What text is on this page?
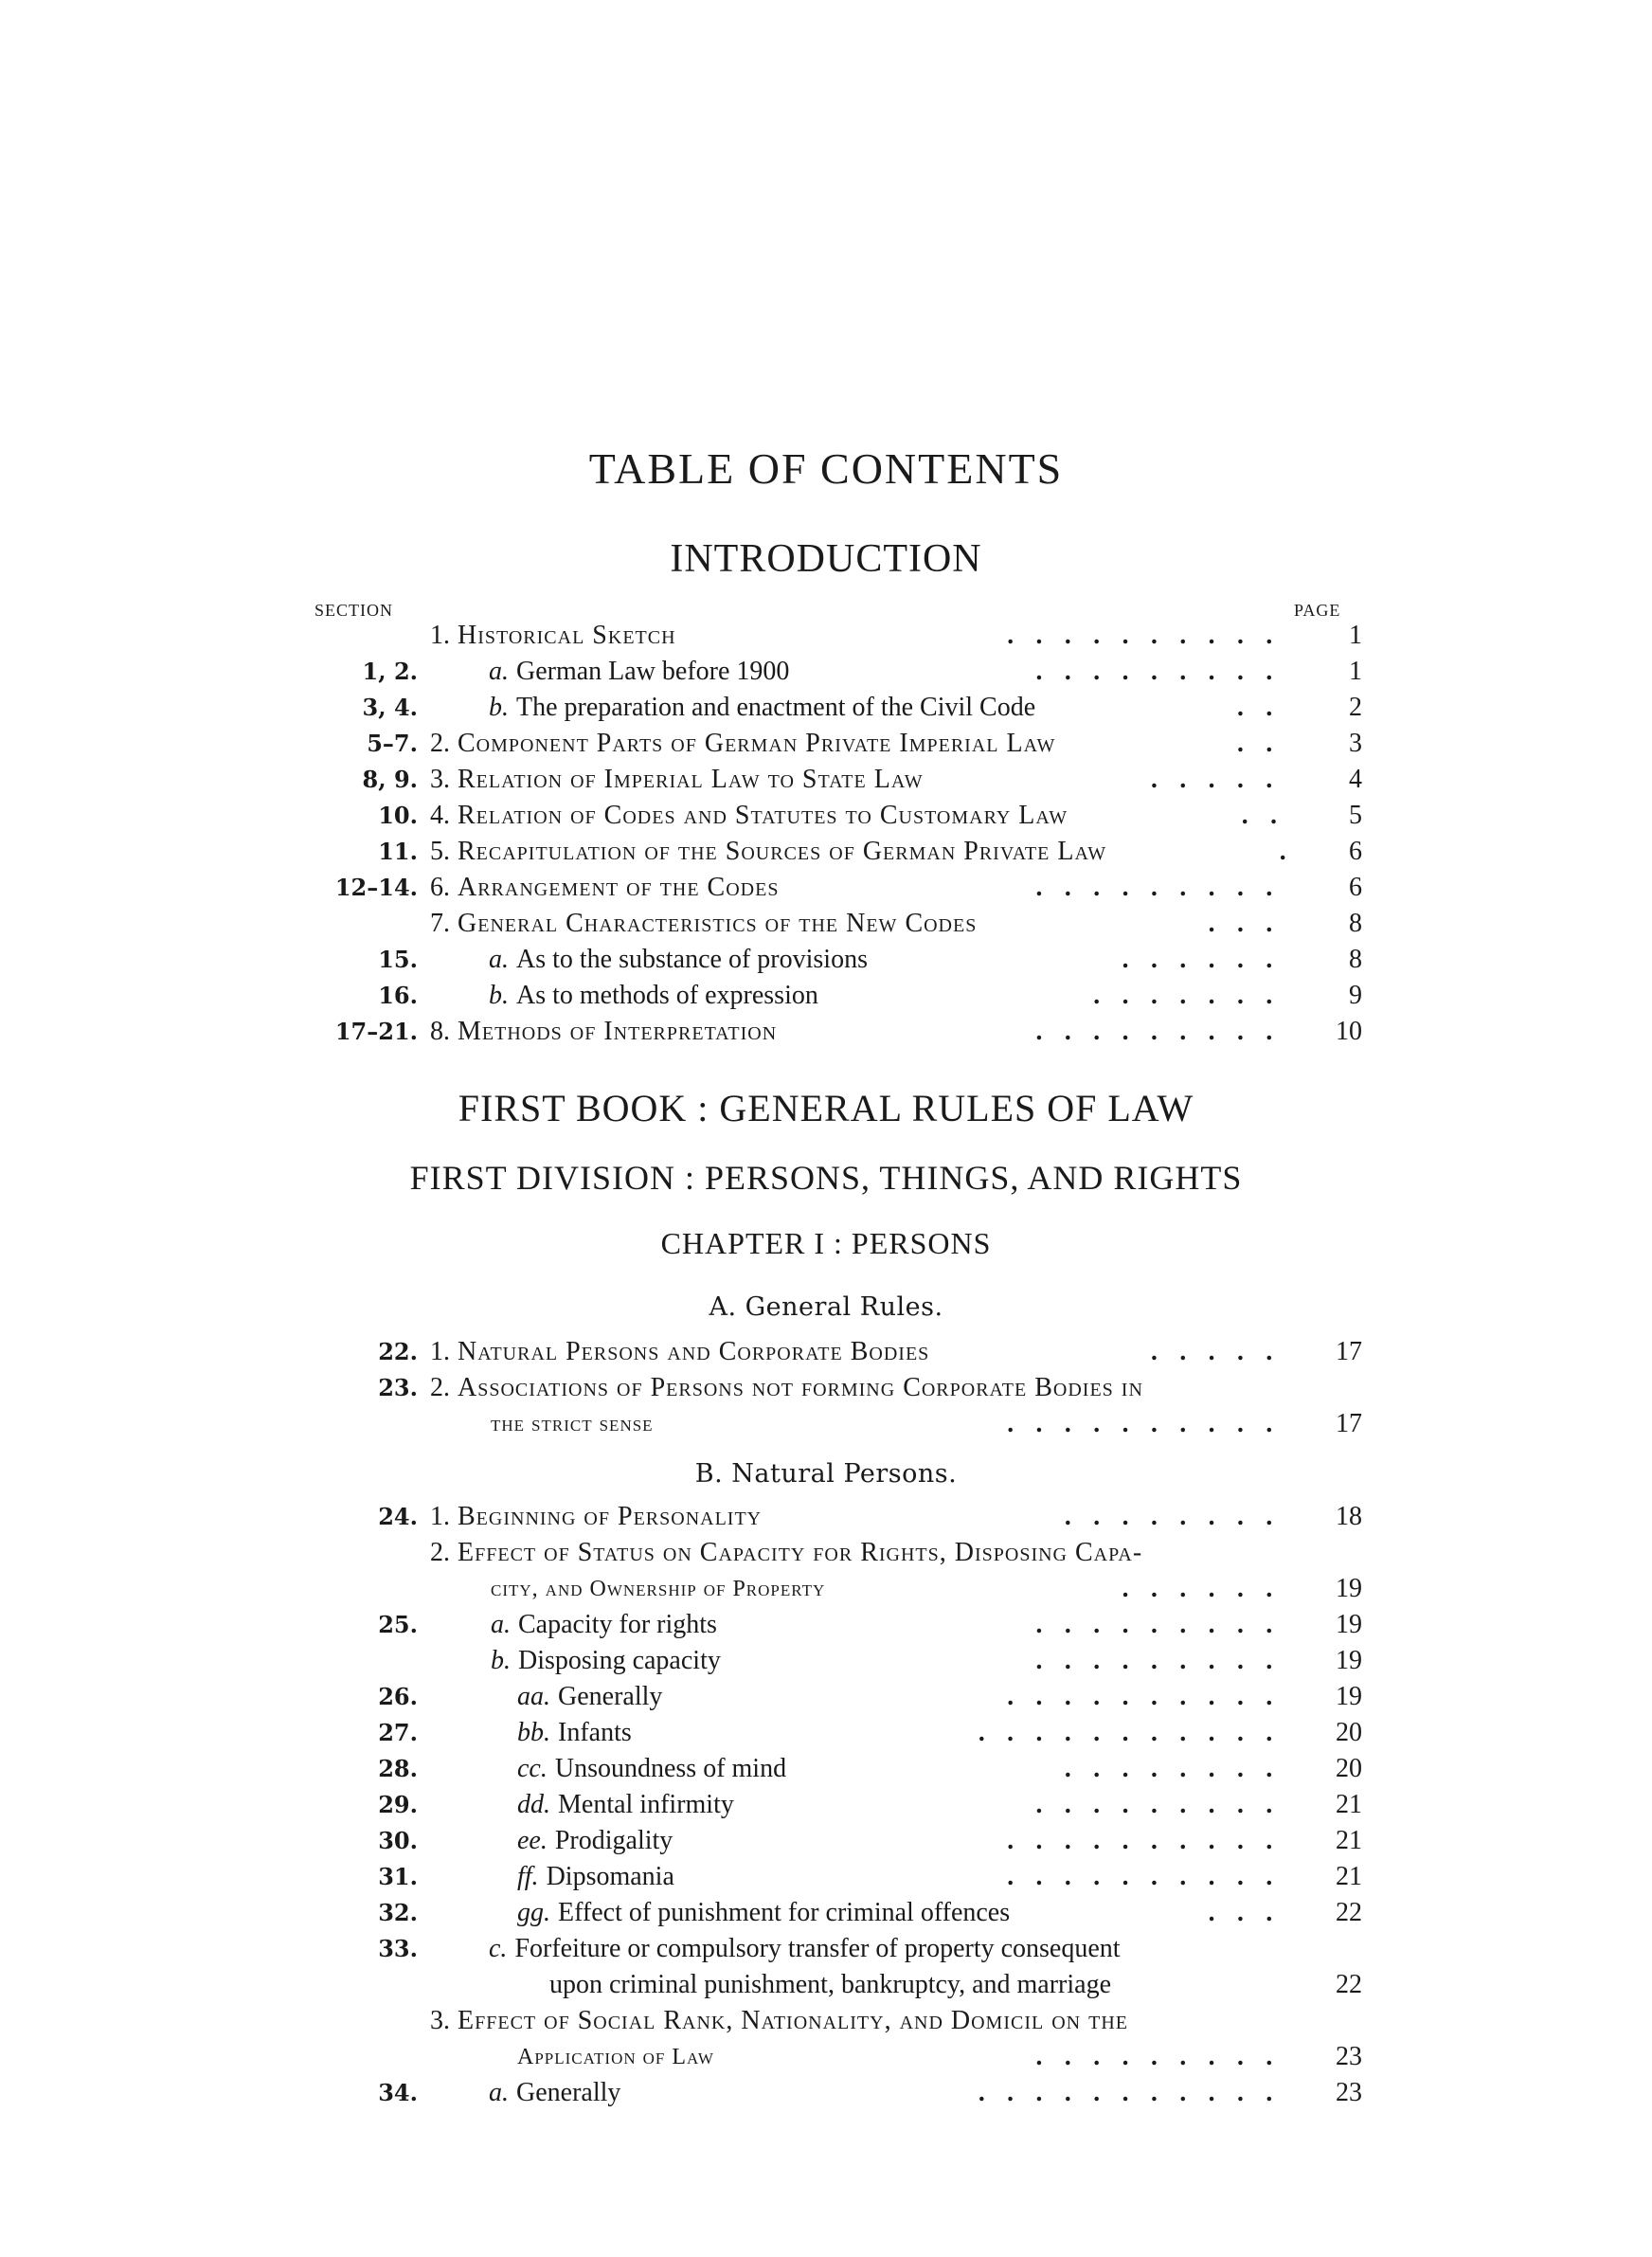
TABLE OF CONTENTS
INTRODUCTION
SECTION	PAGE
1. Historical Sketch	..........	1
1, 2.	a. German Law before 1900	.........	1
3, 4.	b. The preparation and enactment of the Civil Code	..	2
5–7. 2. Component Parts of German Private Imperial Law	..	3
8, 9. 3. Relation of Imperial Law to State Law	.....	4
10. 4. Relation of Codes and Statutes to Customary Law	..	5
11. 5. Recapitulation of the Sources of German Private Law	.	6
12–14. 6. Arrangement of the Codes	.........	6
7. General Characteristics of the New Codes	...	8
15.	a. As to the substance of provisions	......	8
16.	b. As to methods of expression	.......	9
17–21. 8. Methods of Interpretation	.........	10
FIRST BOOK : GENERAL RULES OF LAW
FIRST DIVISION : PERSONS, THINGS, AND RIGHTS
CHAPTER I : PERSONS
A. General Rules.
22. 1. Natural Persons and Corporate Bodies	.....	17
23. 2. Associations of Persons not forming Corporate Bodies in
the strict sense	..........	17
B. Natural Persons.
24. 1. Beginning of Personality	........	18
2. Effect of Status on Capacity for Rights, Disposing Capa-
city, and Ownership of Property	......	19
25.	a. Capacity for rights	.........	19
b. Disposing capacity	.........	19
26.	aa. Generally	..........	19
27.	bb. Infants	...........	20
28.	cc. Unsoundness of mind	........	20
29.	dd. Mental infirmity	.........	21
30.	ee. Prodigality	..........	21
31.	ff. Dipsomania	..........	21
32.	gg. Effect of punishment for criminal offences	...	22
33.	c. Forfeiture or compulsory transfer of property consequent
upon criminal punishment, bankruptcy, and marriage	22
3. Effect of Social Rank, Nationality, and Domicil on the
Application of Law	.........	23
34.	a. Generally	...........	23
